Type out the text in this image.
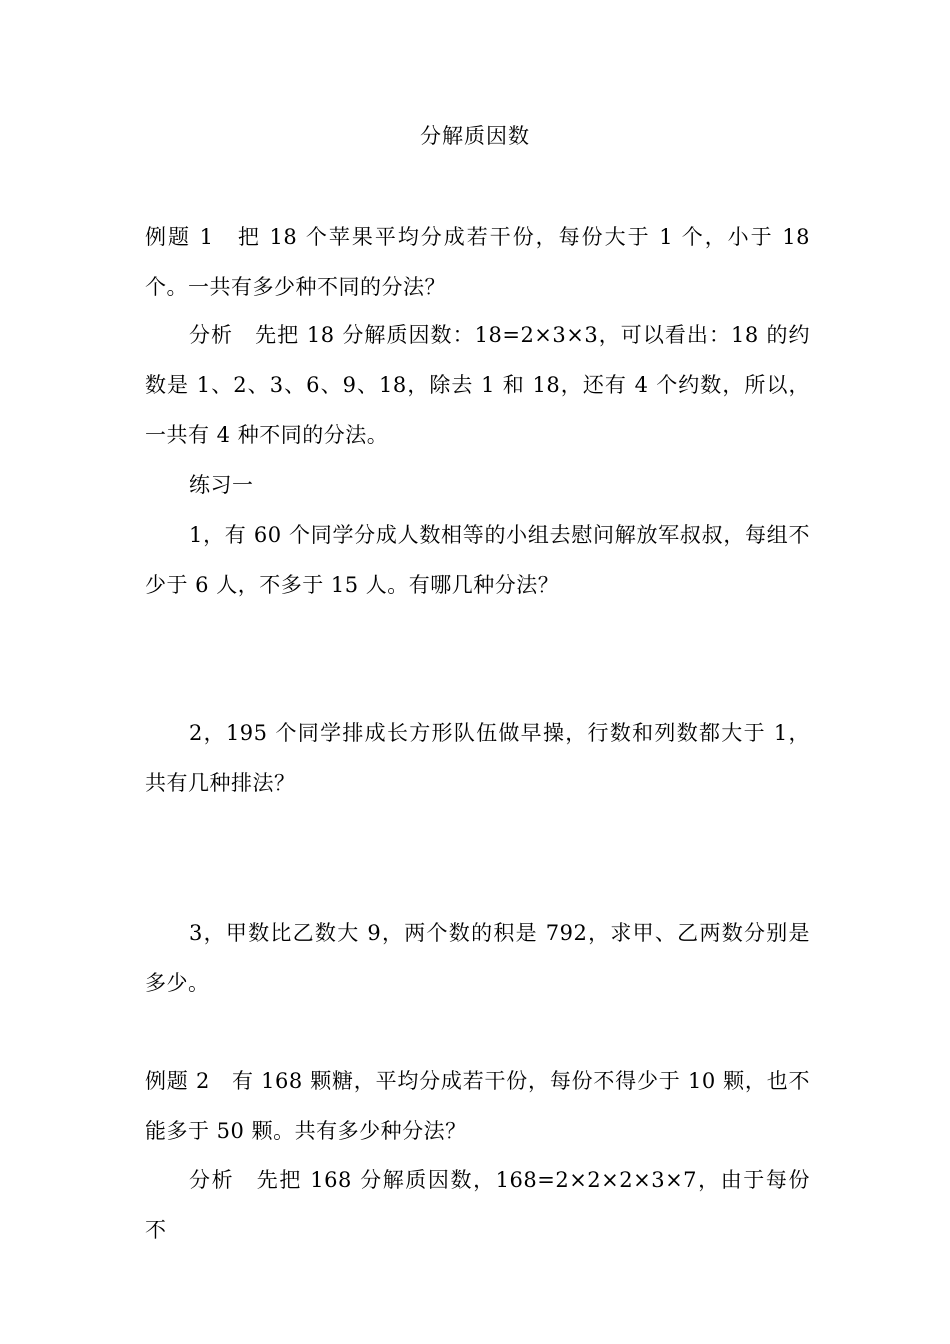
分解质因数

例题 1　把 18 个苹果平均分成若干份，每份大于 1 个，小于 18 个。一共有多少种不同的分法？

分析　先把 18 分解质因数：18=2×3×3，可以看出：18 的约数是 1、2、3、6、9、18，除去 1 和 18，还有 4 个约数，所以，一共有 4 种不同的分法。

练习一

1，有 60 个同学分成人数相等的小组去慰问解放军叔叔，每组不少于 6 人，不多于 15 人。有哪几种分法？

2，195 个同学排成长方形队伍做早操，行数和列数都大于 1，共有几种排法？

3，甲数比乙数大 9，两个数的积是 792，求甲、乙两数分别是多少。

例题 2　有 168 颗糖，平均分成若干份，每份不得少于 10 颗，也不能多于 50 颗。共有多少种分法？

分析　先把 168 分解质因数，168=2×2×2×3×7，由于每份不
